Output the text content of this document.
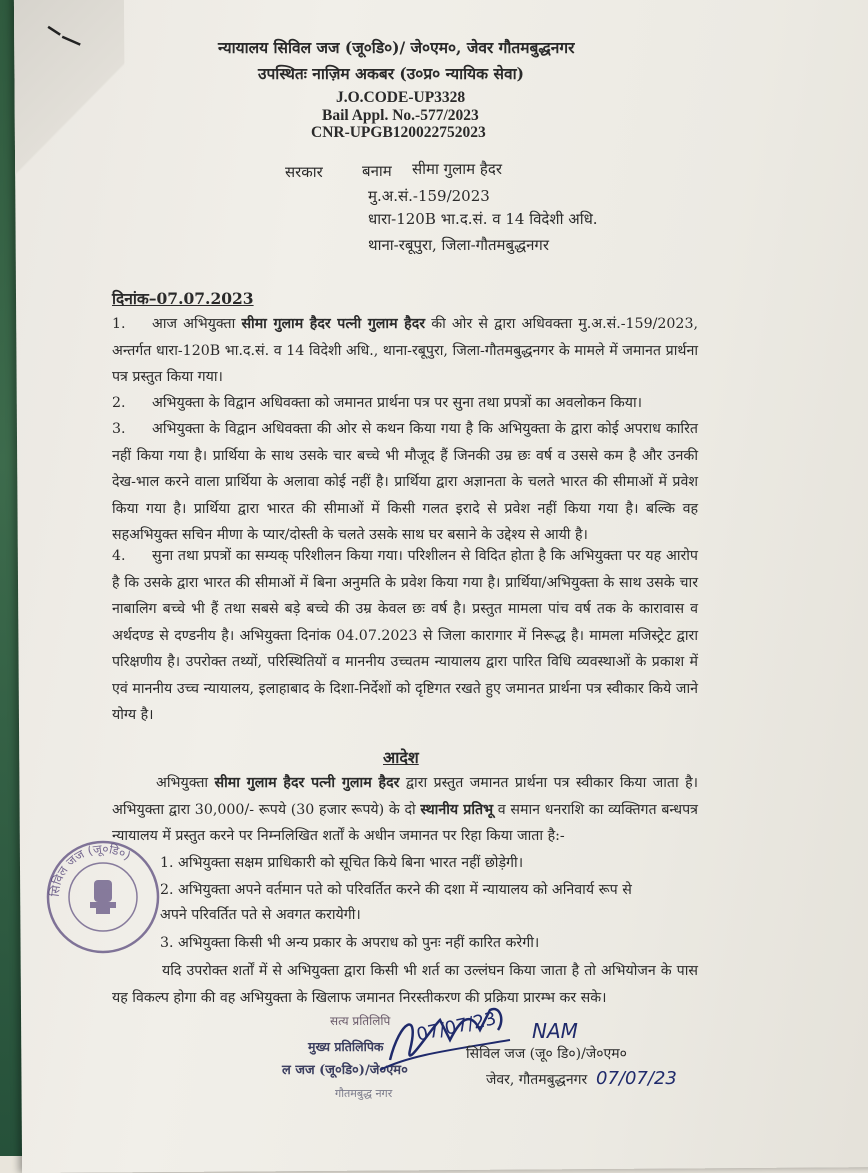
न्यायालय सिविल जज (जू०डि०)/ जे०एम०, जेवर गौतमबुद्धनगर
उपस्थितः नाज़िम अकबर (उ०प्र० न्यायिक सेवा)
J.O.CODE-UP3328
Bail Appl. No.-577/2023
CNR-UPGB120022752023
सरकार	बनाम सीमा गुलाम हैदर
मु.अ.सं.-159/2023
धारा-120B भा.द.सं. व 14 विदेशी अधि.
थाना-रबूपुरा, जिला-गौतमबुद्धनगर
दिनांक–07.07.2023
1. आज अभियुक्ता सीमा गुलाम हैदर पत्नी गुलाम हैदर की ओर से द्वारा अधिवक्ता मु.अ.सं.-159/2023, अन्तर्गत धारा-120B भा.द.सं. व 14 विदेशी अधि., थाना-रबूपुरा, जिला-गौतमबुद्धनगर के मामले में जमानत प्रार्थना पत्र प्रस्तुत किया गया।
2. अभियुक्ता के विद्वान अधिवक्ता को जमानत प्रार्थना पत्र पर सुना तथा प्रपत्रों का अवलोकन किया।
3. अभियुक्ता के विद्वान अधिवक्ता की ओर से कथन किया गया है कि अभियुक्ता के द्वारा कोई अपराध कारित नहीं किया गया है। प्रार्थिया के साथ उसके चार बच्चे भी मौजूद हैं जिनकी उम्र छः वर्ष व उससे कम है और उनकी देख-भाल करने वाला प्रार्थिया के अलावा कोई नहीं है। प्रार्थिया द्वारा अज्ञानता के चलते भारत की सीमाओं में प्रवेश किया गया है। प्रार्थिया द्वारा भारत की सीमाओं में किसी गलत इरादे से प्रवेश नहीं किया गया है। बल्कि वह सहअभियुक्त सचिन मीणा के प्यार/दोस्ती के चलते उसके साथ घर बसाने के उद्देश्य से आयी है।
4. सुना तथा प्रपत्रों का सम्यक् परिशीलन किया गया। परिशीलन से विदित होता है कि अभियुक्ता पर यह आरोप है कि उसके द्वारा भारत की सीमाओं में बिना अनुमति के प्रवेश किया गया है। प्रार्थिया/अभियुक्ता के साथ उसके चार नाबालिग बच्चे भी हैं तथा सबसे बड़े बच्चे की उम्र केवल छः वर्ष है। प्रस्तुत मामला पांच वर्ष तक के कारावास व अर्थदण्ड से दण्डनीय है। अभियुक्ता दिनांक 04.07.2023 से जिला कारागार में निरूद्ध है। मामला मजिस्ट्रेट द्वारा परिक्षणीय है। उपरोक्त तथ्यों, परिस्थितियों व माननीय उच्चतम न्यायालय द्वारा पारित विधि व्यवस्थाओं के प्रकाश में एवं माननीय उच्च न्यायालय, इलाहाबाद के दिशा-निर्देशों को दृष्टिगत रखते हुए जमानत प्रार्थना पत्र स्वीकार किये जाने योग्य है।
आदेश
अभियुक्ता सीमा गुलाम हैदर पत्नी गुलाम हैदर द्वारा प्रस्तुत जमानत प्रार्थना पत्र स्वीकार किया जाता है। अभियुक्ता द्वारा 30,000/- रूपये (30 हजार रूपये) के दो स्थानीय प्रतिभू व समान धनराशि का व्यक्तिगत बन्धपत्र न्यायालय में प्रस्तुत करने पर निम्नलिखित शर्तों के अधीन जमानत पर रिहा किया जाता है:-
1. अभियुक्ता सक्षम प्राधिकारी को सूचित किये बिना भारत नहीं छोड़ेगी।
2. अभियुक्ता अपने वर्तमान पते को परिवर्तित करने की दशा में न्यायालय को अनिवार्य रूप से
अपने परिवर्तित पते से अवगत करायेगी।
3. अभियुक्ता किसी भी अन्य प्रकार के अपराध को पुनः नहीं कारित करेगी।
यदि उपरोक्त शर्तों में से अभियुक्ता द्वारा किसी भी शर्त का उल्लंघन किया जाता है तो अभियोजन के पास यह विकल्प होगा की वह अभियुक्ता के खिलाफ जमानत निरस्तीकरण की प्रक्रिया प्रारम्भ कर सके।
सिविल जज (जू०डि०)
सत्य प्रतिलिपि
मुख्य प्रतिलिपिक
ल जज (जू०डि०)/जे०एम०
गौतमबुद्ध नगर
07/07/23 NAM
सिविल जज (जू० डि०)/जे०एम०
जेवर, गौतमबुद्धनगर 07/07/23
